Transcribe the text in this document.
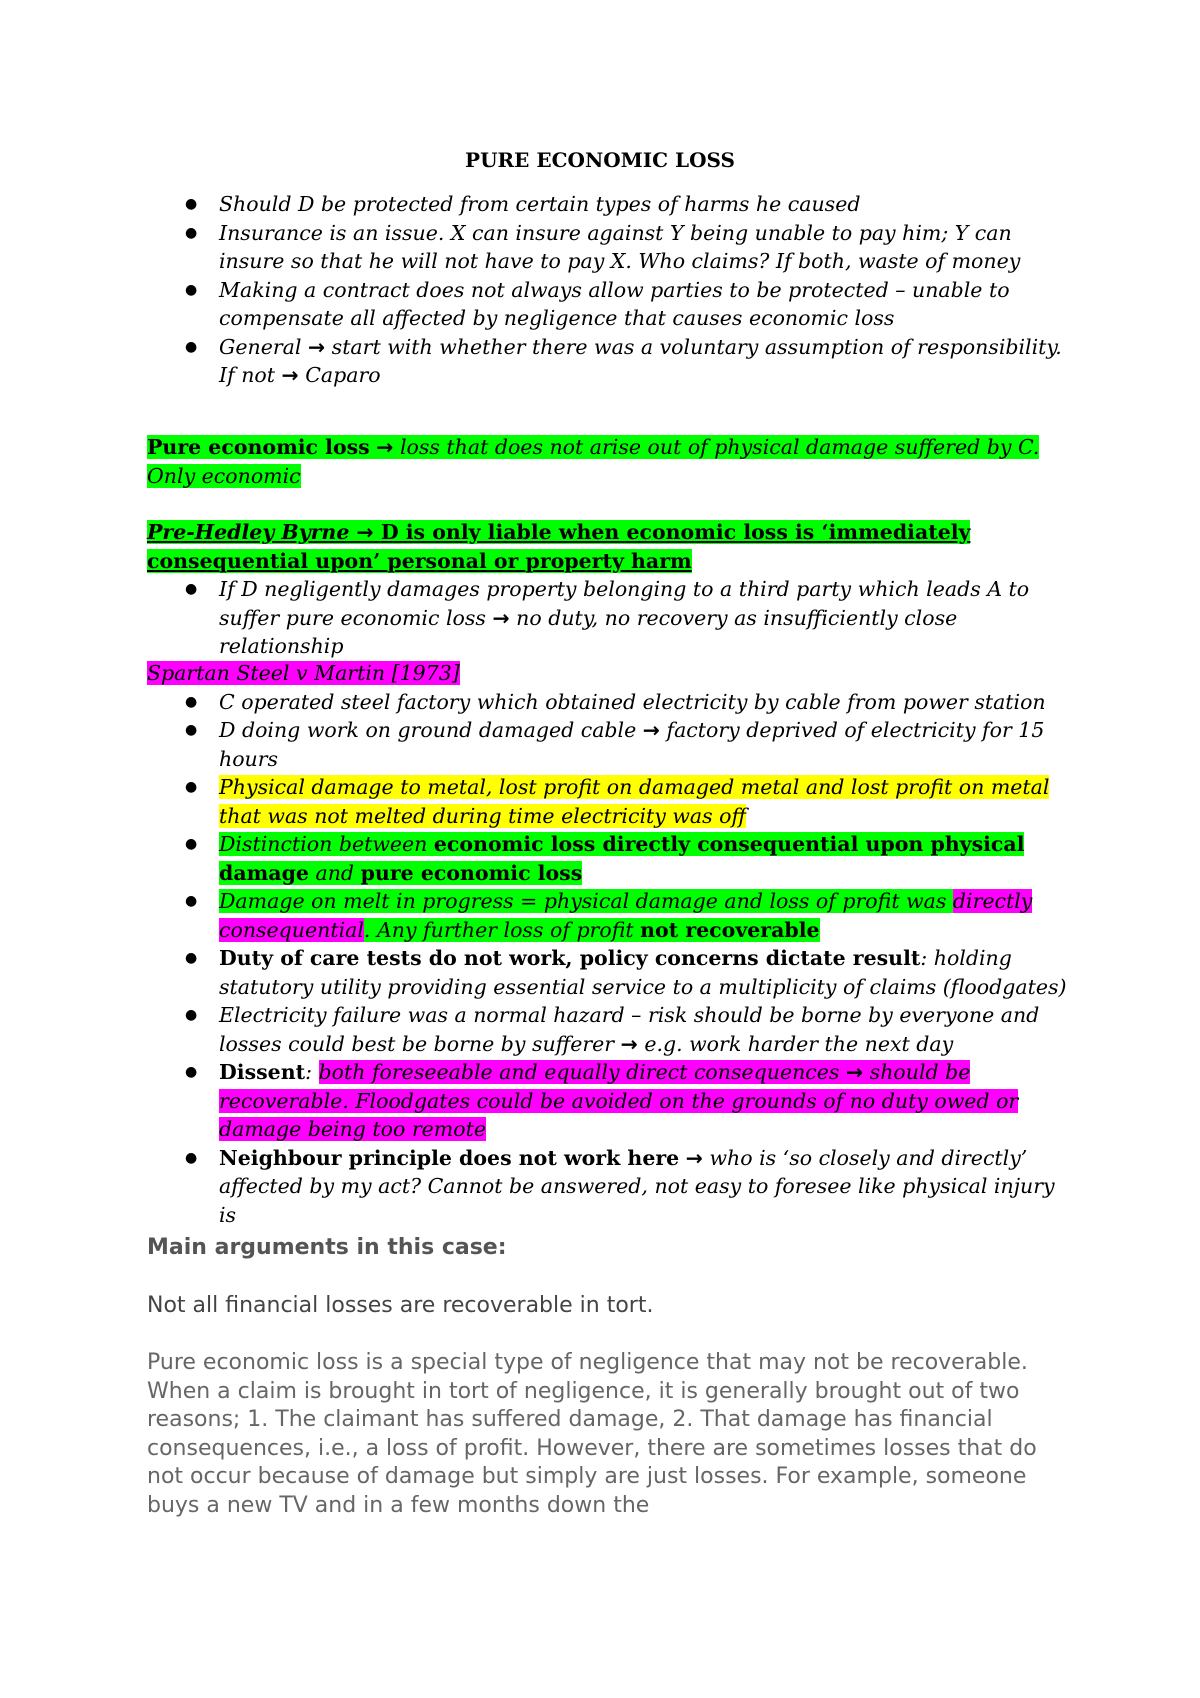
PURE ECONOMIC LOSS
● Should D be protected from certain types of harms he caused
● Insurance is an issue. X can insure against Y being unable to pay him; Y can insure so that he will not have to pay X. Who claims? If both, waste of money
● Making a contract does not always allow parties to be protected – unable to compensate all affected by negligence that causes economic loss
● General → start with whether there was a voluntary assumption of responsibility. If not → Caparo
Pure economic loss → loss that does not arise out of physical damage suffered by C. Only economic
Pre-Hedley Byrne → D is only liable when economic loss is ‘immediately consequential upon’ personal or property harm
● If D negligently damages property belonging to a third party which leads A to suffer pure economic loss → no duty, no recovery as insufficiently close relationship
Spartan Steel v Martin [1973]
● C operated steel factory which obtained electricity by cable from power station
● D doing work on ground damaged cable → factory deprived of electricity for 15 hours
● Physical damage to metal, lost profit on damaged metal and lost profit on metal that was not melted during time electricity was off
● Distinction between economic loss directly consequential upon physical damage and pure economic loss
● Damage on melt in progress = physical damage and loss of profit was directly consequential. Any further loss of profit not recoverable
● Duty of care tests do not work, policy concerns dictate result: holding statutory utility providing essential service to a multiplicity of claims (floodgates)
● Electricity failure was a normal hazard – risk should be borne by everyone and losses could best be borne by sufferer → e.g. work harder the next day
● Dissent: both foreseeable and equally direct consequences → should be recoverable. Floodgates could be avoided on the grounds of no duty owed or damage being too remote
● Neighbour principle does not work here → who is ‘so closely and directly’ affected by my act? Cannot be answered, not easy to foresee like physical injury is
Main arguments in this case:
Not all financial losses are recoverable in tort.
Pure economic loss is a special type of negligence that may not be recoverable. When a claim is brought in tort of negligence, it is generally brought out of two reasons; 1. The claimant has suffered damage, 2. That damage has financial consequences, i.e., a loss of profit. However, there are sometimes losses that do not occur because of damage but simply are just losses. For example, someone buys a new TV and in a few months down the
